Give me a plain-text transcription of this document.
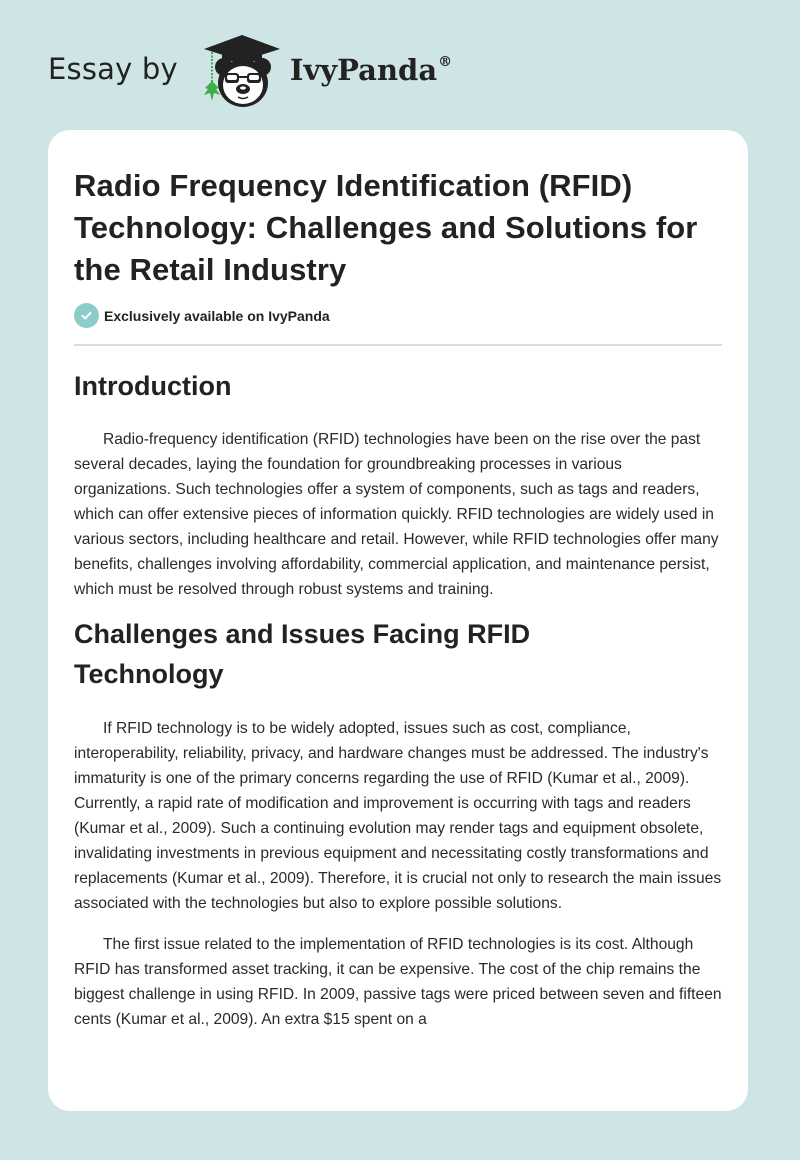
Essay by	IvyPanda®
Radio Frequency Identification (RFID) Technology: Challenges and Solutions for the Retail Industry
Exclusively available on IvyPanda
Introduction

Radio-frequency identification (RFID) technologies have been on the rise over the past several decades, laying the foundation for groundbreaking processes in various organizations. Such technologies offer a system of components, such as tags and readers, which can offer extensive pieces of information quickly. RFID technologies are widely used in various sectors, including healthcare and retail. However, while RFID technologies offer many benefits, challenges involving affordability, commercial application, and maintenance persist, which must be resolved through robust systems and training.

Challenges and Issues Facing RFID Technology

If RFID technology is to be widely adopted, issues such as cost, compliance, interoperability, reliability, privacy, and hardware changes must be addressed. The industry's immaturity is one of the primary concerns regarding the use of RFID (Kumar et al., 2009). Currently, a rapid rate of modification and improvement is occurring with tags and readers (Kumar et al., 2009). Such a continuing evolution may render tags and equipment obsolete, invalidating investments in previous equipment and necessitating costly transformations and replacements (Kumar et al., 2009). Therefore, it is crucial not only to research the main issues associated with the technologies but also to explore possible solutions.

The first issue related to the implementation of RFID technologies is its cost. Although RFID has transformed asset tracking, it can be expensive. The cost of the chip remains the biggest challenge in using RFID. In 2009, passive tags were priced between seven and fifteen cents (Kumar et al., 2009). An extra $15 spent on a
